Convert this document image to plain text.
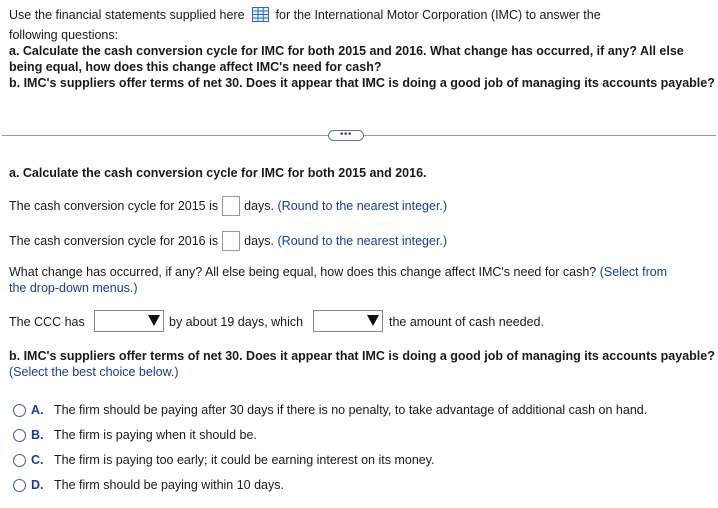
Use the financial statements supplied here for the International Motor Corporation (IMC) to answer the
following questions:
a. Calculate the cash conversion cycle for IMC for both 2015 and 2016. What change has occurred, if any? All else
being equal, how does this change affect IMC's need for cash?
b. IMC's suppliers offer terms of net 30. Does it appear that IMC is doing a good job of managing its accounts payable?
•••
a. Calculate the cash conversion cycle for IMC for both 2015 and 2016.
The cash conversion cycle for 2015 is days. (Round to the nearest integer.)
The cash conversion cycle for 2016 is days. (Round to the nearest integer.)
What change has occurred, if any? All else being equal, how does this change affect IMC's need for cash? (Select from
the drop-down menus.)
The CCC has	by about 19 days, which	the amount of cash needed.
b. IMC's suppliers offer terms of net 30. Does it appear that IMC is doing a good job of managing its accounts payable?
(Select the best choice below.)
A. The firm should be paying after 30 days if there is no penalty, to take advantage of additional cash on hand.
B. The firm is paying when it should be.
C. The firm is paying too early; it could be earning interest on its money.
D. The firm should be paying within 10 days.
